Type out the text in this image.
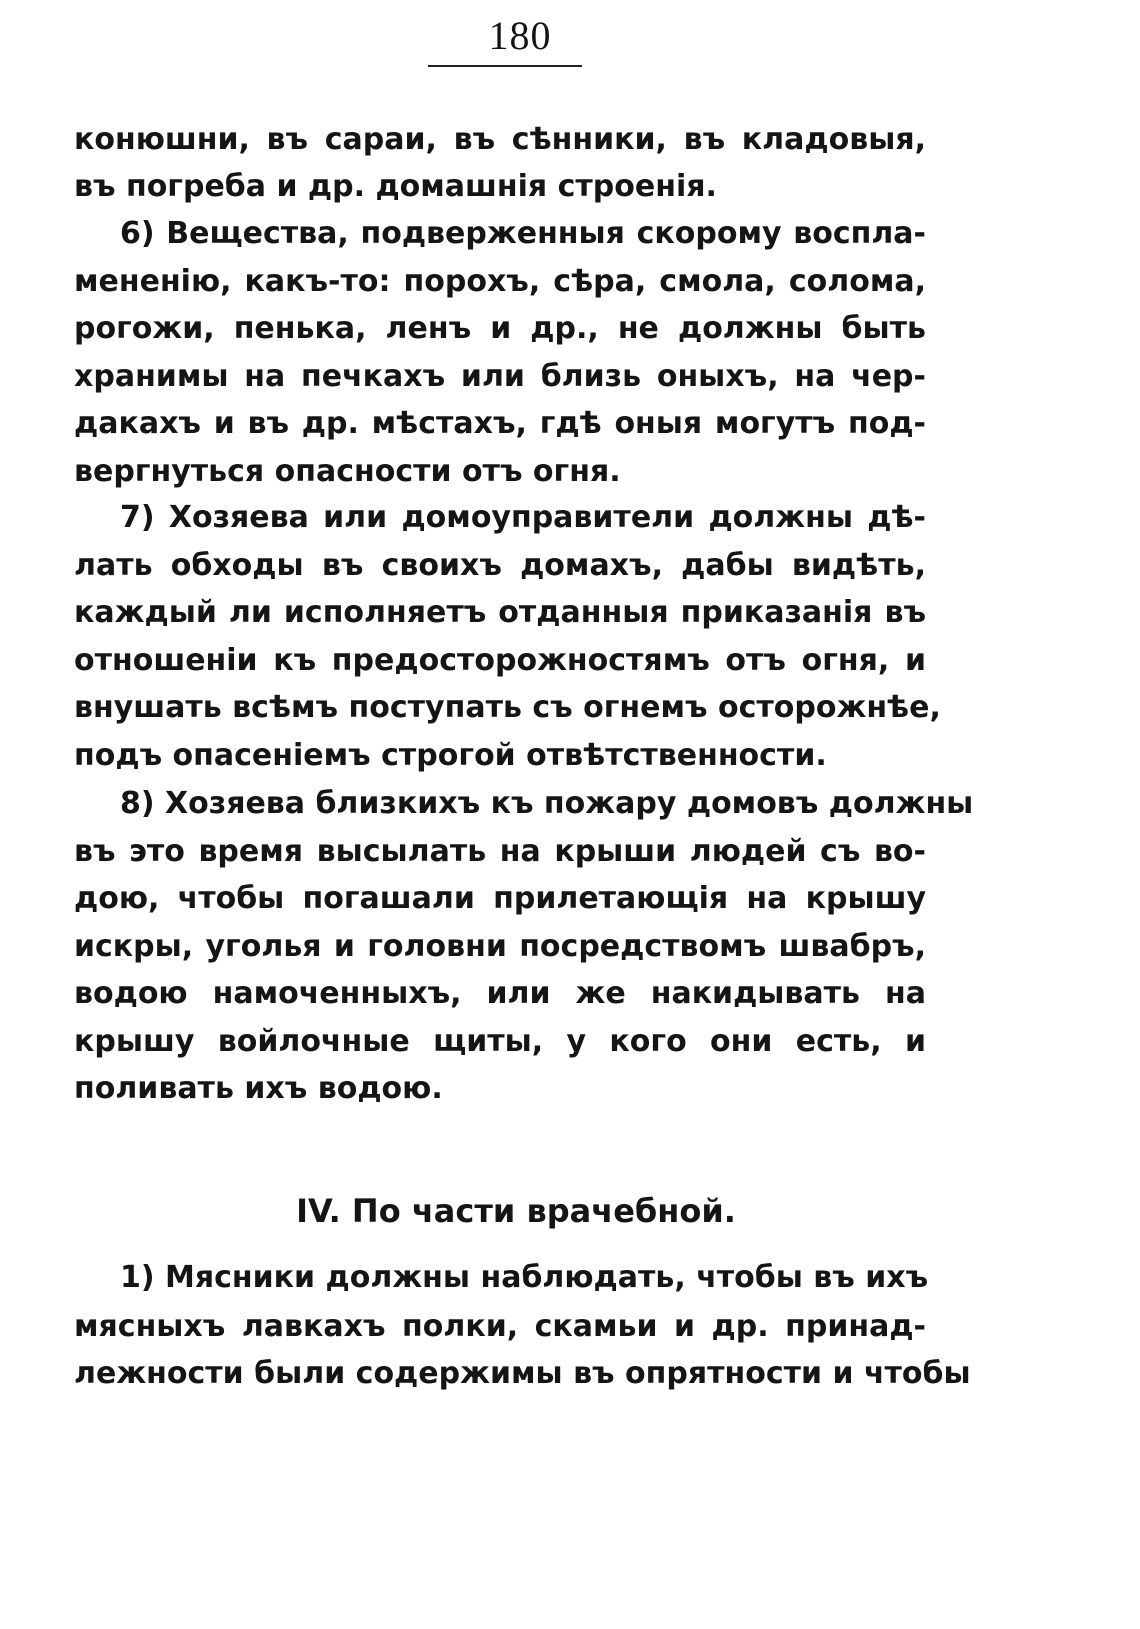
180
конюшни, въ сараи, въ сѣнники, въ кладовыя,
въ погреба и др. домашнія строенія.
6) Вещества, подверженныя скорому воспла-
мененію, какъ-то: порохъ, сѣра, смола, солома,
рогожи, пенька, ленъ и др., не должны быть
хранимы на печкахъ или близь оныхъ, на чер-
дакахъ и въ др. мѣстахъ, гдѣ оныя могутъ под-
вергнуться опасности отъ огня.
7) Хозяева или домоуправители должны дѣ-
лать обходы въ своихъ домахъ, дабы видѣть,
каждый ли исполняетъ отданныя приказанія въ
отношеніи къ предосторожностямъ отъ огня, и
внушать всѣмъ поступать съ огнемъ осторожнѣе,
подъ опасеніемъ строгой отвѣтственности.
8) Хозяева близкихъ къ пожару домовъ должны
въ это время высылать на крыши людей съ во-
дою, чтобы погашали прилетающія на крышу
искры, уголья и головни посредствомъ швабръ,
водою намоченныхъ, или же накидывать на
крышу войлочные щиты, у кого они есть, и
поливать ихъ водою.
IV. По части врачебной.
1) Мясники должны наблюдать, чтобы въ ихъ
мясныхъ лавкахъ полки, скамьи и др. принад-
лежности были содержимы въ опрятности и чтобы
